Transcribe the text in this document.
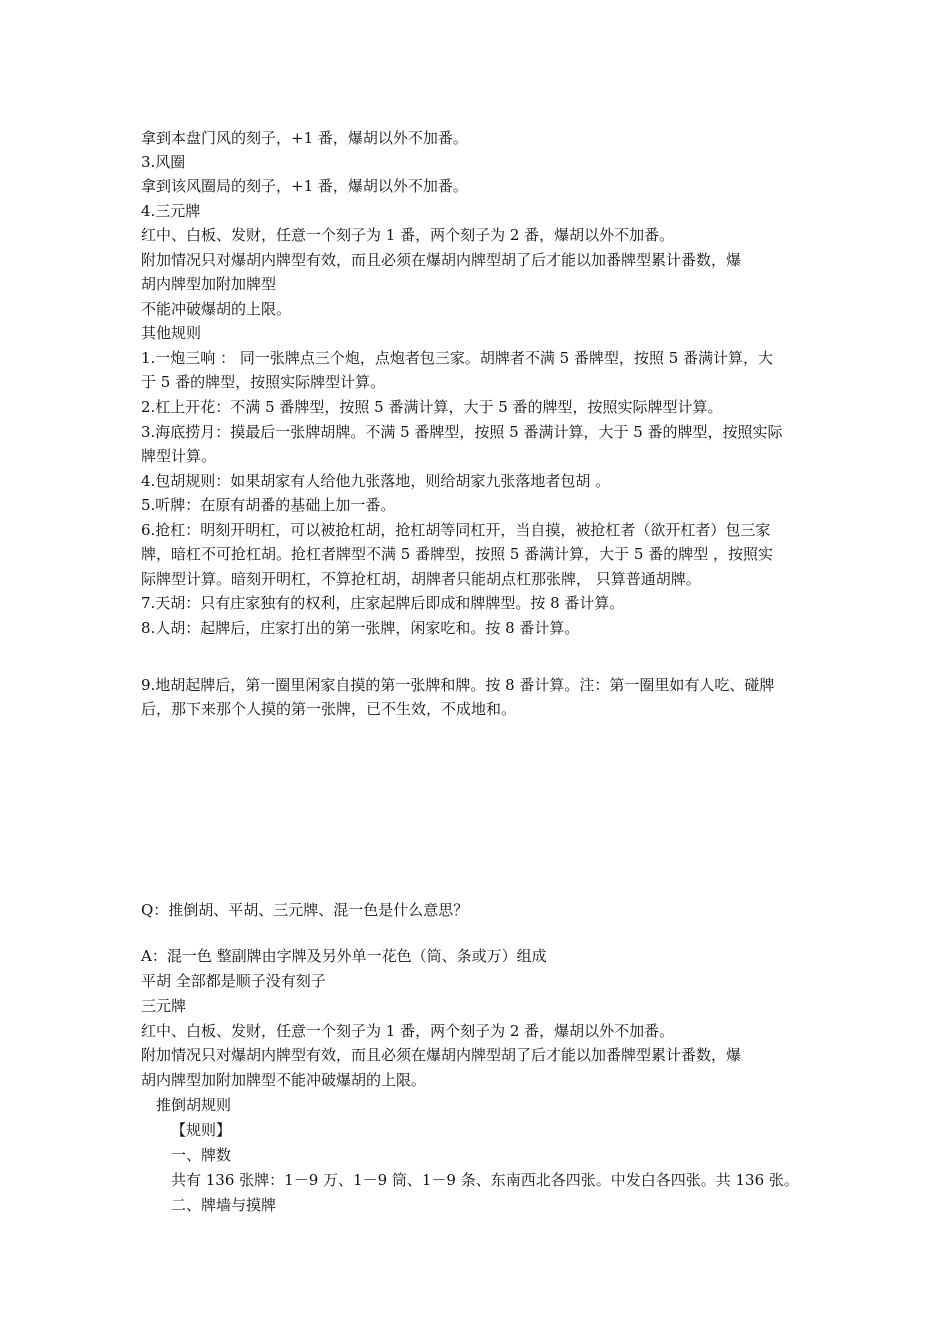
拿到本盘门风的刻子，+1 番，爆胡以外不加番。
3.风圈
拿到该风圈局的刻子，+1 番，爆胡以外不加番。
4.三元牌
红中、白板、发财，任意一个刻子为 1 番，两个刻子为 2 番，爆胡以外不加番。
附加情况只对爆胡内牌型有效，而且必须在爆胡内牌型胡了后才能以加番牌型累计番数，爆
胡内牌型加附加牌型
不能冲破爆胡的上限。
其他规则
1.一炮三响 ： 同一张牌点三个炮，点炮者包三家。胡牌者不满 5 番牌型，按照 5 番满计算，大
于 5 番的牌型，按照实际牌型计算。
2.杠上开花：不满 5 番牌型，按照 5 番满计算，大于 5 番的牌型，按照实际牌型计算。
3.海底捞月：摸最后一张牌胡牌。不满 5 番牌型，按照 5 番满计算，大于 5 番的牌型，按照实际
牌型计算。
4.包胡规则：如果胡家有人给他九张落地，则给胡家九张落地者包胡 。
5.听牌：在原有胡番的基础上加一番。
6.抢杠：明刻开明杠，可以被抢杠胡，抢杠胡等同杠开，当自摸，被抢杠者（欲开杠者）包三家
牌，暗杠不可抢杠胡。抢杠者牌型不满 5 番牌型，按照 5 番满计算，大于 5 番的牌型 ，按照实
际牌型计算。暗刻开明杠，不算抢杠胡，胡牌者只能胡点杠那张牌， 只算普通胡牌。
7.天胡：只有庄家独有的权利，庄家起牌后即成和牌牌型。按 8 番计算。
8.人胡：起牌后，庄家打出的第一张牌，闲家吃和。按 8 番计算。
9.地胡起牌后，第一圈里闲家自摸的第一张牌和牌。按 8 番计算。注：第一圈里如有人吃、碰牌
后，那下来那个人摸的第一张牌，已不生效，不成地和。
Q：推倒胡、平胡、三元牌、混一色是什么意思？
A：混一色 整副牌由字牌及另外单一花色（筒、条或万）组成
平胡 全部都是顺子没有刻子
三元牌
红中、白板、发财，任意一个刻子为 1 番，两个刻子为 2 番，爆胡以外不加番。
附加情况只对爆胡内牌型有效，而且必须在爆胡内牌型胡了后才能以加番牌型累计番数，爆
胡内牌型加附加牌型不能冲破爆胡的上限。
推倒胡规则
【规则】
一、牌数
共有 136 张牌：1－9 万、1－9 筒、1－9 条、东南西北各四张。中发白各四张。共 136 张。
二、牌墙与摸牌
